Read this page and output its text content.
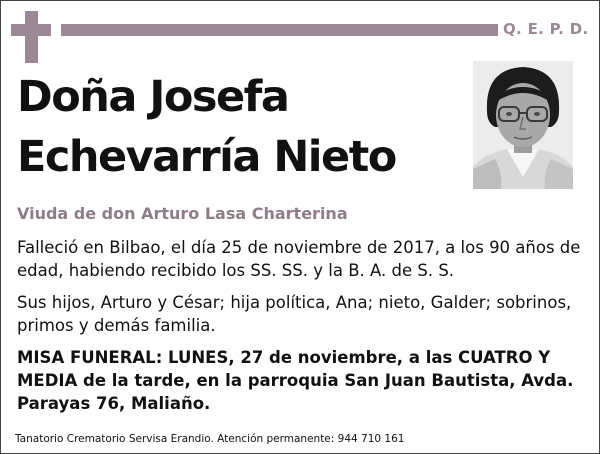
Q. E. P. D.
Doña Josefa
Echevarría Nieto
Viuda de don Arturo Lasa Charterina

Falleció en Bilbao, el día 25 de noviembre de 2017, a los 90 años de edad, habiendo recibido los SS. SS. y la B. A. de S. S.

Sus hijos, Arturo y César; hija política, Ana; nieto, Galder; sobrinos, primos y demás familia.

MISA FUNERAL: LUNES, 27 de noviembre, a las CUATRO Y MEDIA de la tarde, en la parroquia San Juan Bautista, Avda. Parayas 76, Maliaño.

Tanatorio Crematorio Servisa Erandio. Atención permanente: 944 710 161
